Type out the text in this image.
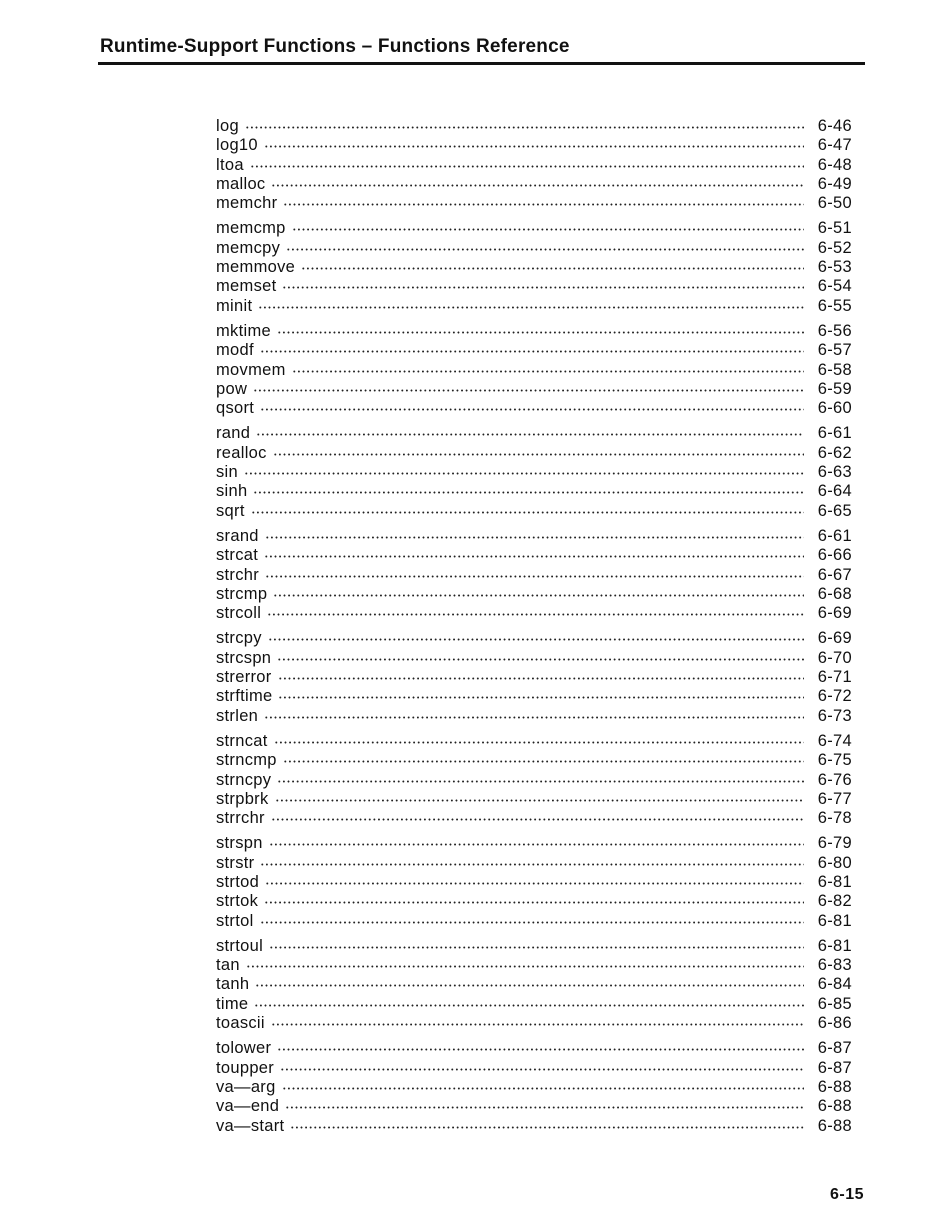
Runtime-Support Functions – Functions Reference
log	6-46
log10	6-47
ltoa	6-48
malloc	6-49
memchr	6-50
memcmp	6-51
memcpy	6-52
memmove	6-53
memset	6-54
minit	6-55
mktime	6-56
modf	6-57
movmem	6-58
pow	6-59
qsort	6-60
rand	6-61
realloc	6-62
sin	6-63
sinh	6-64
sqrt	6-65
srand	6-61
strcat	6-66
strchr	6-67
strcmp	6-68
strcoll	6-69
strcpy	6-69
strcspn	6-70
strerror	6-71
strftime	6-72
strlen	6-73
strncat	6-74
strncmp	6-75
strncpy	6-76
strpbrk	6-77
strrchr	6-78
strspn	6-79
strstr	6-80
strtod	6-81
strtok	6-82
strtol	6-81
strtoul	6-81
tan	6-83
tanh	6-84
time	6-85
toascii	6-86
tolower	6-87
toupper	6-87
va—arg	6-88
va—end	6-88
va—start	6-88
6-15
